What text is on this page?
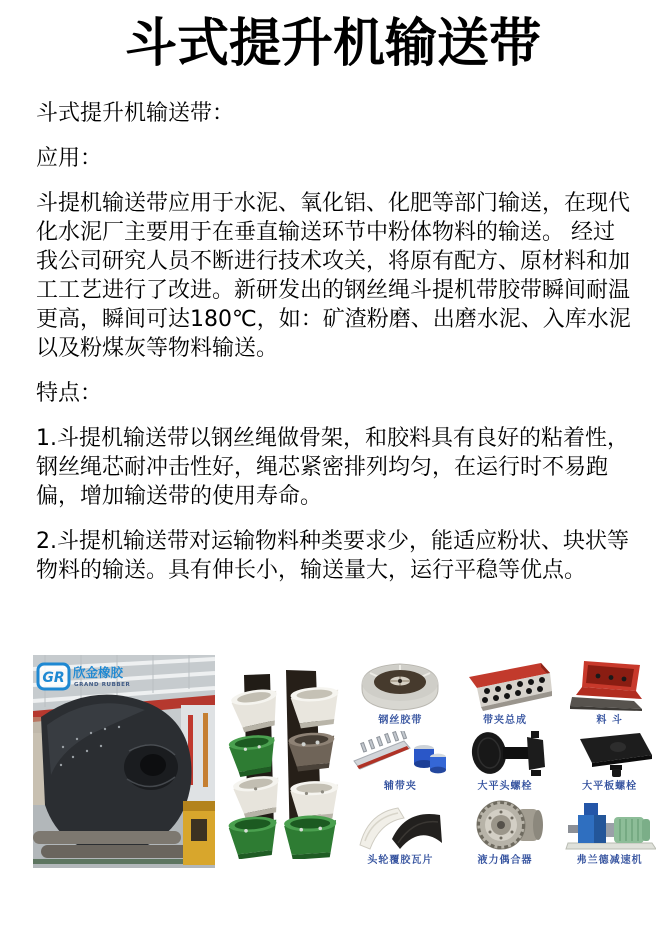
斗式提升机输送带

斗式提升机输送带：

应用：

斗提机输送带应用于水泥、氧化铝、化肥等部门输送，在现代化水泥厂主要用于在垂直输送环节中粉体物料的输送。 经过我公司研究人员不断进行技术攻关，将原有配方、原材料和加工工艺进行了改进。新研发出的钢丝绳斗提机带胶带瞬间耐温更高，瞬间可达180℃，如：矿渣粉磨、出磨水泥、入库水泥以及粉煤灰等物料输送。

特点：

1.斗提机输送带以钢丝绳做骨架，和胶料具有良好的粘着性，钢丝绳芯耐冲击性好，绳芯紧密排列均匀，在运行时不易跑偏，增加输送带的使用寿命。

2.斗提机输送带对运输物料种类要求少，能适应粉状、块状等物料的输送。具有伸长小，输送量大，运行平稳等优点。

GR 欣金橡胶
GRAND RUBBER
钢丝胶带	带夹总成	料 斗
辅带夹	大平头螺栓	大平板螺栓
头轮覆胶瓦片	液力偶合器	弗兰德减速机
